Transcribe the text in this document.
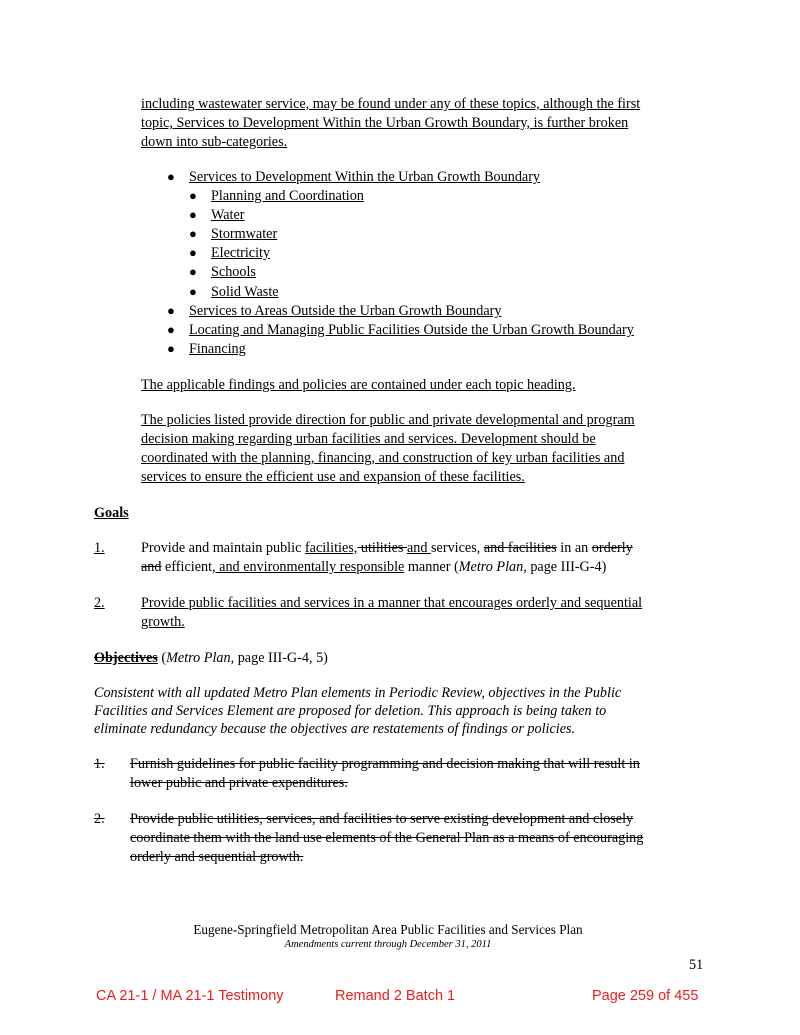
including wastewater service, may be found under any of these topics, although the first
topic, Services to Development Within the Urban Growth Boundary, is further broken
down into sub-categories.
● Services to Development Within the Urban Growth Boundary
● Planning and Coordination
● Water
● Stormwater
● Electricity
● Schools
● Solid Waste
● Services to Areas Outside the Urban Growth Boundary
● Locating and Managing Public Facilities Outside the Urban Growth Boundary
● Financing
The applicable findings and policies are contained under each topic heading.
The policies listed provide direction for public and private developmental and program
decision making regarding urban facilities and services. Development should be
coordinated with the planning, financing, and construction of key urban facilities and
services to ensure the efficient use and expansion of these facilities.
Goals
1.	Provide and maintain public facilities, utilities and services, and facilities in an orderly
and efficient, and environmentally responsible manner (Metro Plan, page III-G-4)
2.	Provide public facilities and services in a manner that encourages orderly and sequential
growth.
Objectives (Metro Plan, page III-G-4, 5)
Consistent with all updated Metro Plan elements in Periodic Review, objectives in the Public
Facilities and Services Element are proposed for deletion. This approach is being taken to
eliminate redundancy because the objectives are restatements of findings or policies.
1.	Furnish guidelines for public facility programming and decision making that will result in
lower public and private expenditures.
2.	Provide public utilities, services, and facilities to serve existing development and closely
coordinate them with the land use elements of the General Plan as a means of encouraging
orderly and sequential growth.
Eugene-Springfield Metropolitan Area Public Facilities and Services Plan
Amendments current through December 31, 2011
51
CA 21-1 / MA 21-1 Testimony	Remand 2 Batch 1	Page 259 of 455
